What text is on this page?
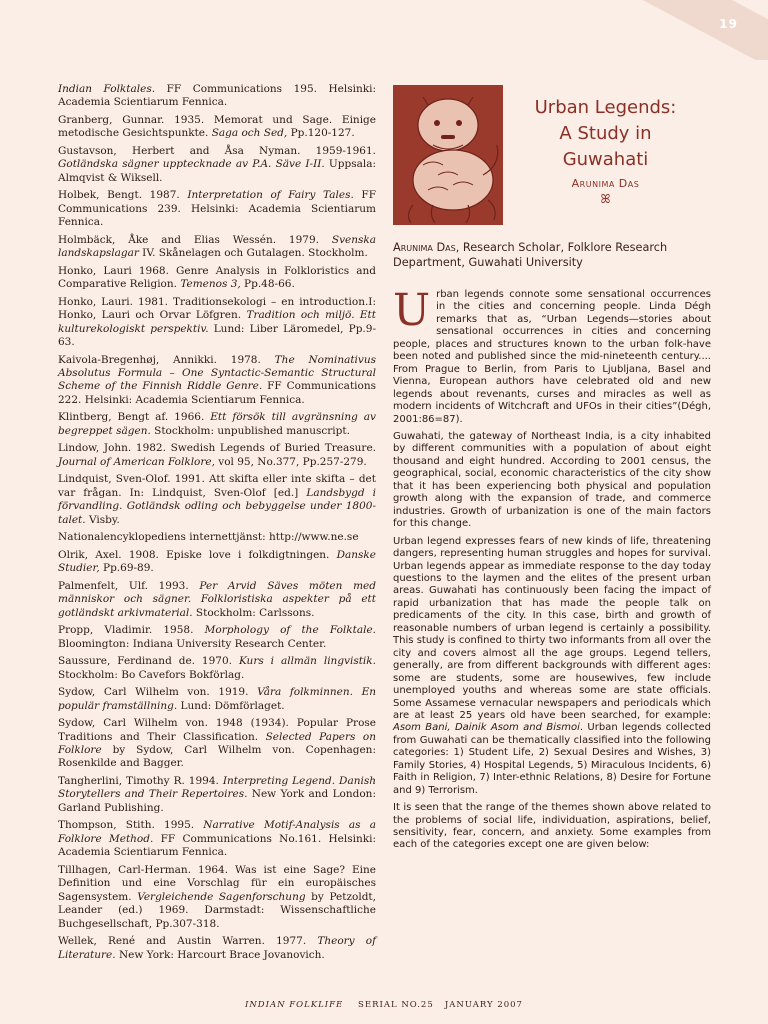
19

Indian Folktales. FF Communications 195. Helsinki: Academia Scientiarum Fennica.

Granberg, Gunnar. 1935. Memorat und Sage. Einige metodische Gesichtspunkte. Saga och Sed, Pp.120-127.

Gustavson, Herbert and Åsa Nyman. 1959-1961. Gotländska sägner upptecknade av P.A. Säve I-II. Uppsala: Almqvist & Wiksell.

Holbek, Bengt. 1987. Interpretation of Fairy Tales. FF Communications 239. Helsinki: Academia Scientiarum Fennica.

Holmbäck, Åke and Elias Wessén. 1979. Svenska landskapslagar IV. Skånelagen och Gutalagen. Stockholm.

Honko, Lauri 1968. Genre Analysis in Folkloristics and Comparative Religion. Temenos 3, Pp.48-66.

Honko, Lauri. 1981. Traditionsekologi – en introduction.I: Honko, Lauri och Orvar Löfgren. Tradition och miljö. Ett kulturekologiskt perspektiv. Lund: Liber Läromedel, Pp.9-63.

Kaivola-Bregenhøj, Annikki. 1978. The Nominativus Absolutus Formula – One Syntactic-Semantic Structural Scheme of the Finnish Riddle Genre. FF Communications 222. Helsinki: Academia Scientiarum Fennica.

Klintberg, Bengt af. 1966. Ett försök till avgränsning av begreppet sägen. Stockholm: unpublished manuscript.

Lindow, John. 1982. Swedish Legends of Buried Treasure. Journal of American Folklore, vol 95, No.377, Pp.257-279.

Lindquist, Sven-Olof. 1991. Att skifta eller inte skifta – det var frågan. In: Lindquist, Sven-Olof [ed.] Landsbygd i förvandling. Gotländsk odling och bebyggelse under 1800-talet. Visby.

Nationalencyklopediens internettjänst: http://www.ne.se

Olrik, Axel. 1908. Episke love i folkdigtningen. Danske Studier, Pp.69-89.

Palmenfelt, Ulf. 1993. Per Arvid Säves möten med människor och sägner. Folkloristiska aspekter på ett gotländskt arkivmaterial. Stockholm: Carlssons.

Propp, Vladimir. 1958. Morphology of the Folktale. Bloomington: Indiana University Research Center.

Saussure, Ferdinand de. 1970. Kurs i allmän lingvistik. Stockholm: Bo Cavefors Bokförlag.

Sydow, Carl Wilhelm von. 1919. Våra folkminnen. En populär framställning. Lund: Dömförlaget.

Sydow, Carl Wilhelm von. 1948 (1934). Popular Prose Traditions and Their Classification. Selected Papers on Folklore by Sydow, Carl Wilhelm von. Copenhagen: Rosenkilde and Bagger.

Tangherlini, Timothy R. 1994. Interpreting Legend. Danish Storytellers and Their Repertoires. New York and London: Garland Publishing.

Thompson, Stith. 1995. Narrative Motif-Analysis as a Folklore Method. FF Communications No.161. Helsinki: Academia Scientiarum Fennica.

Tillhagen, Carl-Herman. 1964. Was ist eine Sage? Eine Definition und eine Vorschlag für ein europäisches Sagensystem. Vergleichende Sagenforschung by Petzoldt, Leander (ed.) 1969. Darmstadt: Wissenschaftliche Buchgesellschaft, Pp.307-318.

Wellek, René and Austin Warren. 1977. Theory of Literature. New York: Harcourt Brace Jovanovich.

Urban Legends:
A Study in
Guwahati
Arunima Das
ꕤ
Arunima Das, Research Scholar, Folklore Research Department, Guwahati University

Urban legends connote some sensational occurrences in the cities and concerning people. Linda Dégh remarks that as, “Urban Legends—stories about sensational occurrences in cities and concerning people, places and structures known to the urban folk-have been noted and published since the mid-nineteenth century.... From Prague to Berlin, from Paris to Ljubljana, Basel and Vienna, European authors have celebrated old and new legends about revenants, curses and miracles as well as modern incidents of Witchcraft and UFOs in their cities”(Dégh, 2001:86=87).

Guwahati, the gateway of Northeast India, is a city inhabited by different communities with a population of about eight thousand and eight hundred. According to 2001 census, the geographical, social, economic characteristics of the city show that it has been experiencing both physical and population growth along with the expansion of trade, and commerce industries. Growth of urbanization is one of the main factors for this change.

Urban legend expresses fears of new kinds of life, threatening dangers, representing human struggles and hopes for survival. Urban legends appear as immediate response to the day today questions to the laymen and the elites of the present urban areas. Guwahati has continuously been facing the impact of rapid urbanization that has made the people talk on predicaments of the city. In this case, birth and growth of reasonable numbers of urban legend is certainly a possibility. This study is confined to thirty two informants from all over the city and covers almost all the age groups. Legend tellers, generally, are from different backgrounds with different ages: some are students, some are housewives, few include unemployed youths and whereas some are state officials. Some Assamese vernacular newspapers and periodicals which are at least 25 years old have been searched, for example: Asom Bani, Dainik Asom and Bismoi. Urban legends collected from Guwahati can be thematically classified into the following categories: 1) Student Life, 2) Sexual Desires and Wishes, 3) Family Stories, 4) Hospital Legends, 5) Miraculous Incidents, 6) Faith in Religion, 7) Inter-ethnic Relations, 8) Desire for Fortune and 9) Terrorism.

It is seen that the range of the themes shown above related to the problems of social life, individuation, aspirations, belief, sensitivity, fear, concern, and anxiety. Some examples from each of the categories except one are given below:

INDIAN FOLKLIFE SERIAL NO.25 JANUARY 2007
